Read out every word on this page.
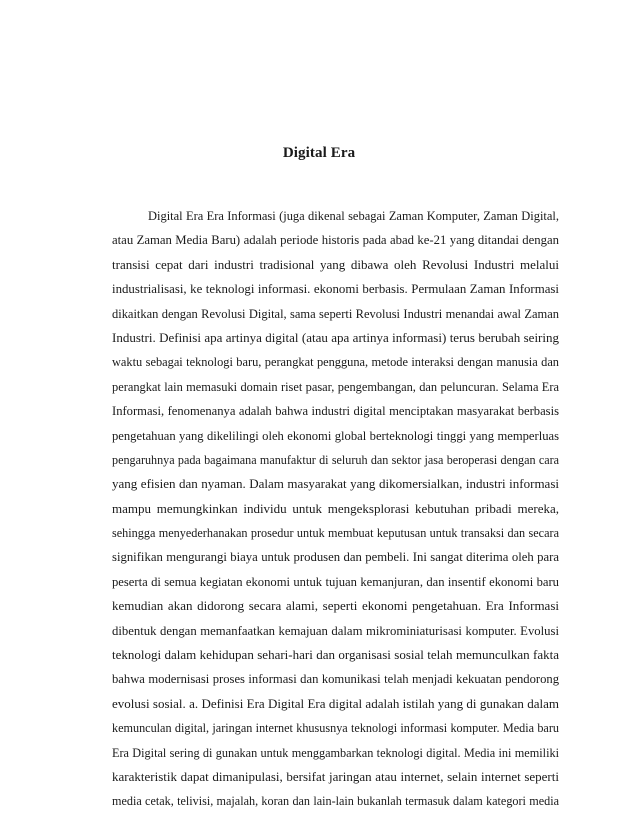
Digital Era
Digital Era Era Informasi (juga dikenal sebagai Zaman Komputer, Zaman Digital,
atau Zaman Media Baru) adalah periode historis pada abad ke-21 yang ditandai dengan
transisi cepat dari industri tradisional yang dibawa oleh Revolusi Industri melalui
industrialisasi, ke teknologi informasi. ekonomi berbasis. Permulaan Zaman Informasi
dikaitkan dengan Revolusi Digital, sama seperti Revolusi Industri menandai awal Zaman
Industri. Definisi apa artinya digital (atau apa artinya informasi) terus berubah seiring
waktu sebagai teknologi baru, perangkat pengguna, metode interaksi dengan manusia dan
perangkat lain memasuki domain riset pasar, pengembangan, dan peluncuran. Selama Era
Informasi, fenomenanya adalah bahwa industri digital menciptakan masyarakat berbasis
pengetahuan yang dikelilingi oleh ekonomi global berteknologi tinggi yang memperluas
pengaruhnya pada bagaimana manufaktur di seluruh dan sektor jasa beroperasi dengan cara
yang efisien dan nyaman. Dalam masyarakat yang dikomersialkan, industri informasi
mampu memungkinkan individu untuk mengeksplorasi kebutuhan pribadi mereka,
sehingga menyederhanakan prosedur untuk membuat keputusan untuk transaksi dan secara
signifikan mengurangi biaya untuk produsen dan pembeli. Ini sangat diterima oleh para
peserta di semua kegiatan ekonomi untuk tujuan kemanjuran, dan insentif ekonomi baru
kemudian akan didorong secara alami, seperti ekonomi pengetahuan. Era Informasi
dibentuk dengan memanfaatkan kemajuan dalam mikrominiaturisasi komputer. Evolusi
teknologi dalam kehidupan sehari-hari dan organisasi sosial telah memunculkan fakta
bahwa modernisasi proses informasi dan komunikasi telah menjadi kekuatan pendorong
evolusi sosial. a. Definisi Era Digital Era digital adalah istilah yang di gunakan dalam
kemunculan digital, jaringan internet khususnya teknologi informasi komputer. Media baru
Era Digital sering di gunakan untuk menggambarkan teknologi digital. Media ini memiliki
karakteristik dapat dimanipulasi, bersifat jaringan atau internet, selain internet seperti
media cetak, telivisi, majalah, koran dan lain-lain bukanlah termasuk dalam kategori media
